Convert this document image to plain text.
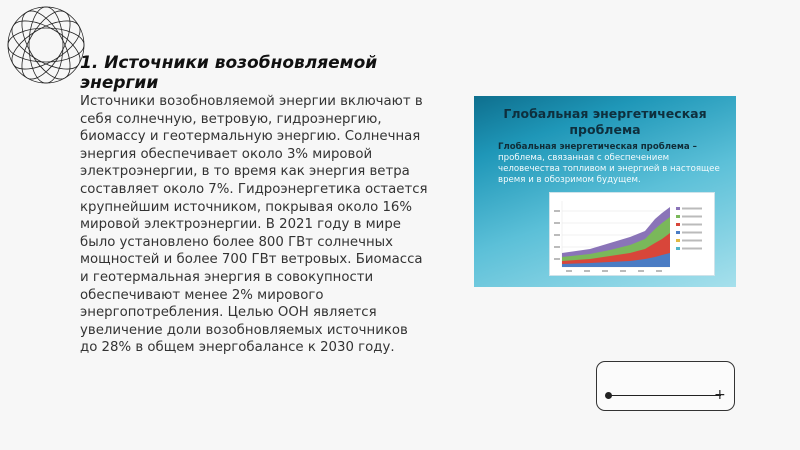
1. Источники возобновляемой энергии
Источники возобновляемой энергии включают в себя солнечную, ветровую, гидроэнергию, биомассу и геотермальную энергию. Солнечная энергия обеспечивает около 3% мировой электроэнергии, в то время как энергия ветра составляет около 7%. Гидроэнергетика остается крупнейшим источником, покрывая около 16% мировой электроэнергии. В 2021 году в мире было установлено более 800 ГВт солнечных мощностей и более 700 ГВт ветровых. Биомасса и геотермальная энергия в совокупности обеспечивают менее 2% мирового энергопотребления. Целью ООН является увеличение доли возобновляемых источников до 28% в общем энергобалансе к 2030 году.
Глобальная энергетическая проблема
Глобальная энергетическая проблема – проблема, связанная с обеспечением человечества топливом и энергией в настоящее время и в обозримом будущем.
+
